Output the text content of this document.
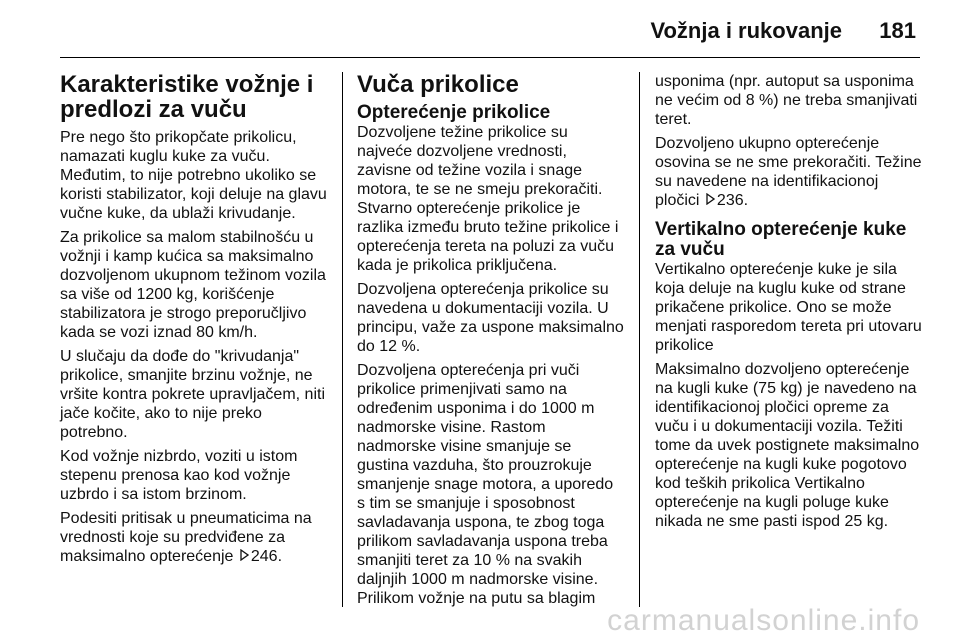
Vožnja i rukovanje 181
Karakteristike vožnje i predlozi za vuču

Pre nego što prikopčate prikolicu, namazati kuglu kuke za vuču. Međutim, to nije potrebno ukoliko se koristi stabilizator, koji deluje na glavu vučne kuke, da ublaži krivudanje.

Za prikolice sa malom stabilnošću u vožnji i kamp kućica sa maksimalno dozvoljenom ukupnom težinom vozila sa više od 1200 kg, korišćenje stabilizatora je strogo preporučljivo kada se vozi iznad 80 km/h.

U slučaju da dođe do "krivudanja" prikolice, smanjite brzinu vožnje, ne vršite kontra pokrete upravljačem, niti jače kočite, ako to nije preko potrebno.

Kod vožnje nizbrdo, voziti u istom stepenu prenosa kao kod vožnje uzbrdo i sa istom brzinom.

Podesiti pritisak u pneumaticima na vrednosti koje su predviđene za maksimalno opterećenje 246.

Vuča prikolice
Opterećenje prikolice

Dozvoljene težine prikolice su najveće dozvoljene vrednosti, zavisne od težine vozila i snage motora, te se ne smeju prekoračiti. Stvarno opterećenje prikolice je razlika između bruto težine prikolice i opterećenja tereta na poluzi za vuču kada je prikolica priključena.

Dozvoljena opterećenja prikolice su navedena u dokumentaciji vozila. U principu, važe za uspone maksimalno do 12 %.

Dozvoljena opterećenja pri vuči prikolice primenjivati samo na određenim usponima i do 1000 m nadmorske visine. Rastom nadmorske visine smanjuje se gustina vazduha, što prouzrokuje smanjenje snage motora, a uporedo s tim se smanjuje i sposobnost savladavanja uspona, te zbog toga prilikom savladavanja uspona treba smanjiti teret za 10 % na svakih daljnjih 1000 m nadmorske visine. Prilikom vožnje na putu sa blagim

usponima (npr. autoput sa usponima ne većim od 8 %) ne treba smanjivati teret.

Dozvoljeno ukupno opterećenje osovina se ne sme prekoračiti. Težine su navedene na identifikacionoj pločici 236.

Vertikalno opterećenje kuke za vuču

Vertikalno opterećenje kuke je sila koja deluje na kuglu kuke od strane prikačene prikolice. Ono se može menjati rasporedom tereta pri utovaru prikolice

Maksimalno dozvoljeno opterećenje na kugli kuke (75 kg) je navedeno na identifikacionoj pločici opreme za vuču i u dokumentaciji vozila. Težiti tome da uvek postignete maksimalno opterećenje na kugli kuke pogotovo kod teških prikolica Vertikalno opterećenje na kugli poluge kuke nikada ne sme pasti ispod 25 kg.

carmanualsonline.info
